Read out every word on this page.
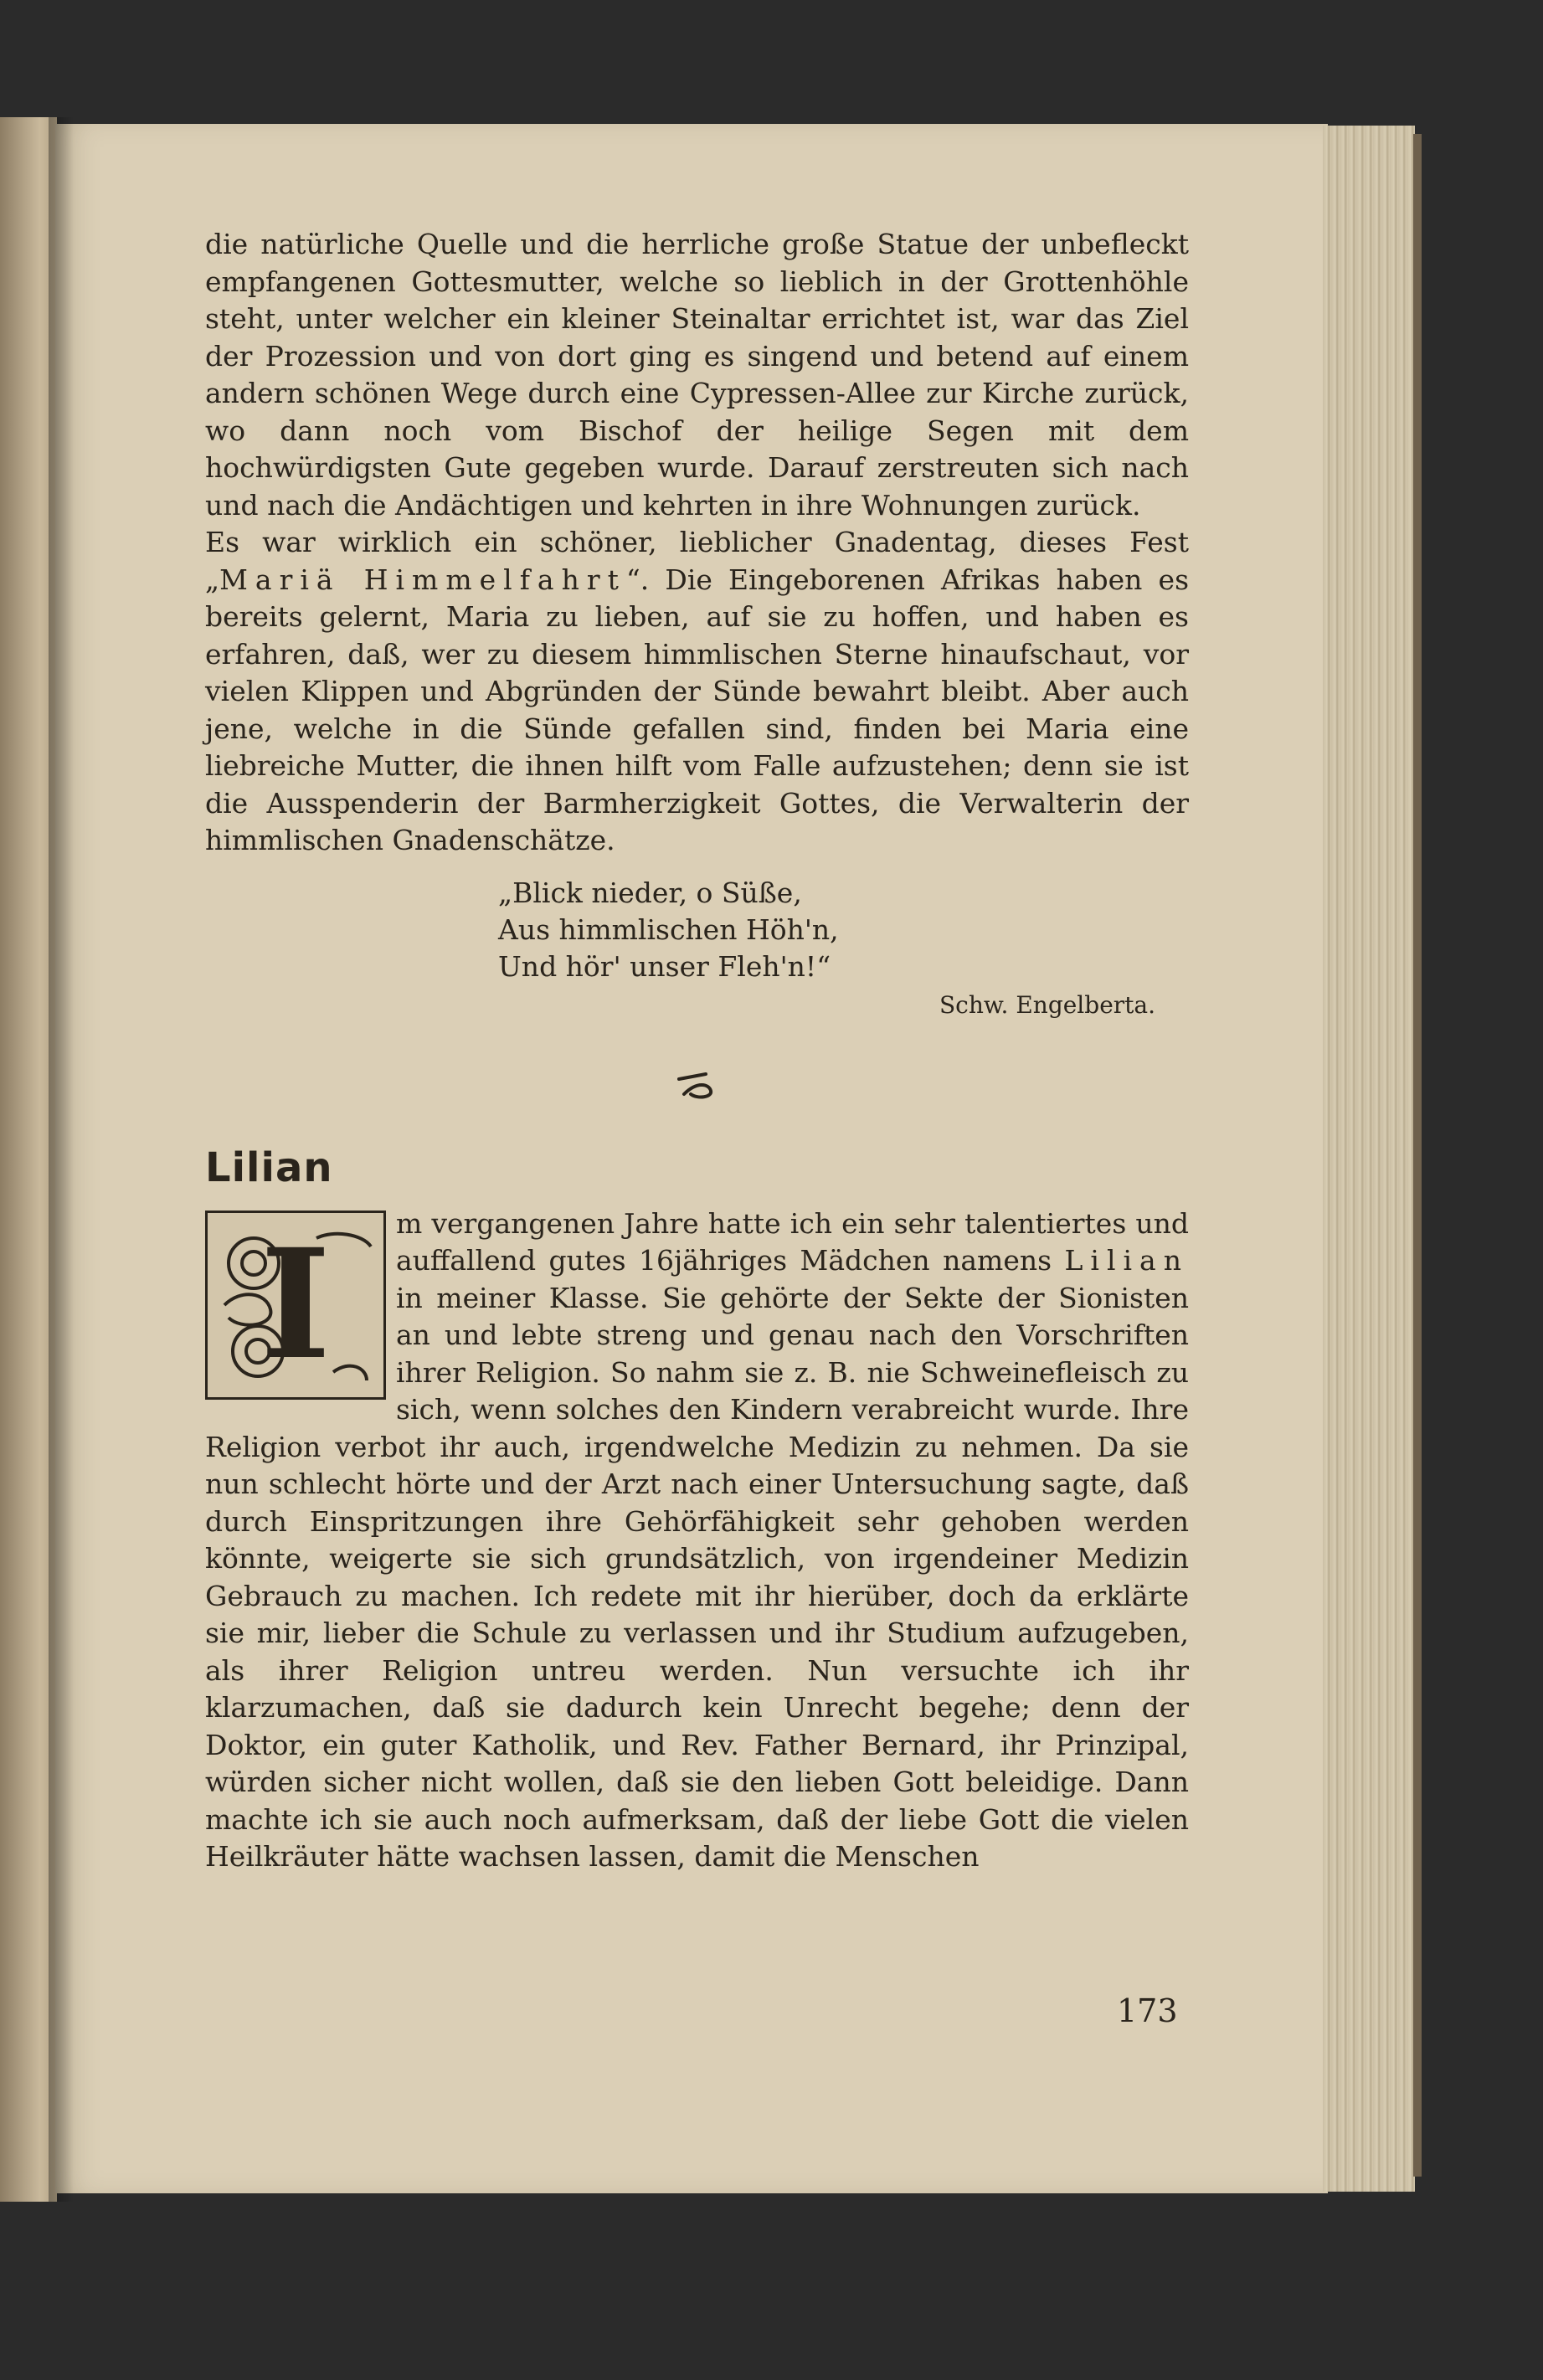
die natürliche Quelle und die herrliche große Statue der unbefleckt empfangenen Gottesmutter, welche so lieblich in der Grottenhöhle steht, unter welcher ein kleiner Steinaltar errichtet ist, war das Ziel der Prozession und von dort ging es singend und betend auf einem andern schönen Wege durch eine Cypressen-Allee zur Kirche zurück, wo dann noch vom Bischof der heilige Segen mit dem hochwürdigsten Gute gegeben wurde. Darauf zerstreuten sich nach und nach die Andächtigen und kehrten in ihre Wohnungen zurück.

Es war wirklich ein schöner, lieblicher Gnadentag, dieses Fest „Mariä Himmelfahrt“. Die Eingeborenen Afrikas haben es bereits gelernt, Maria zu lieben, auf sie zu hoffen, und haben es erfahren, daß, wer zu diesem himmlischen Sterne hinaufschaut, vor vielen Klippen und Abgründen der Sünde bewahrt bleibt. Aber auch jene, welche in die Sünde gefallen sind, finden bei Maria eine liebreiche Mutter, die ihnen hilft vom Falle aufzustehen; denn sie ist die Ausspenderin der Barmherzigkeit Gottes, die Verwalterin der himmlischen Gnadenschätze.

„Blick nieder, o Süße,
Aus himmlischen Höh'n,
Und hör' unser Fleh'n!“
Schw. Engelberta.
Lilian
I	m vergangenen Jahre hatte ich ein sehr talentiertes und auffallend gutes 16jähriges Mädchen namens Lilian in meiner Klasse. Sie gehörte der Sekte der Sionisten an und lebte streng und genau nach den Vorschriften ihrer Religion. So nahm sie z. B. nie Schweinefleisch zu sich, wenn solches den Kindern verabreicht wurde. Ihre Religion verbot ihr auch, irgendwelche Medizin zu nehmen. Da sie nun schlecht hörte und der Arzt nach einer Untersuchung sagte, daß durch Einspritzungen ihre Gehörfähigkeit sehr gehoben werden könnte, weigerte sie sich grundsätzlich, von irgendeiner Medizin Gebrauch zu machen. Ich redete mit ihr hierüber, doch da erklärte sie mir, lieber die Schule zu verlassen und ihr Studium aufzugeben, als ihrer Religion untreu werden. Nun versuchte ich ihr klarzumachen, daß sie dadurch kein Unrecht begehe; denn der Doktor, ein guter Katholik, und Rev. Father Bernard, ihr Prinzipal, würden sicher nicht wollen, daß sie den lieben Gott beleidige. Dann machte ich sie auch noch aufmerksam, daß der liebe Gott die vielen Heilkräuter hätte wachsen lassen, damit die Menschen

173
